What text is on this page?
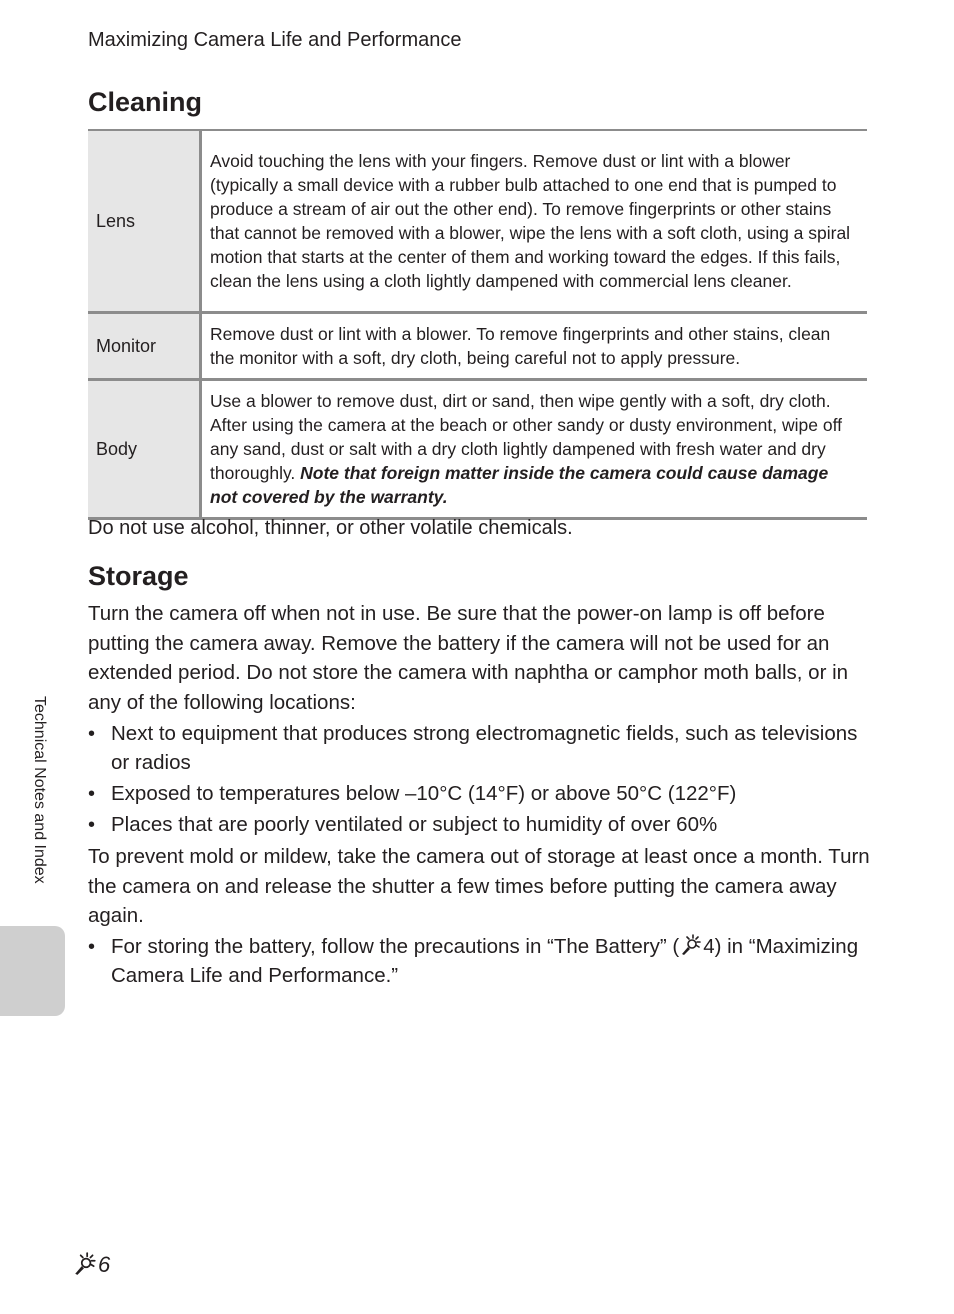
Maximizing Camera Life and Performance
Cleaning
Lens	Avoid touching the lens with your fingers. Remove dust or lint with a blower (typically a small device with a rubber bulb attached to one end that is pumped to produce a stream of air out the other end). To remove fingerprints or other stains that cannot be removed with a blower, wipe the lens with a soft cloth, using a spiral motion that starts at the center of them and working toward the edges. If this fails, clean the lens using a cloth lightly dampened with commercial lens cleaner.
Monitor	Remove dust or lint with a blower. To remove fingerprints and other stains, clean the monitor with a soft, dry cloth, being careful not to apply pressure.
Body	Use a blower to remove dust, dirt or sand, then wipe gently with a soft, dry cloth. After using the camera at the beach or other sandy or dusty environment, wipe off any sand, dust or salt with a dry cloth lightly dampened with fresh water and dry thoroughly. Note that foreign matter inside the camera could cause damage not covered by the warranty.
Do not use alcohol, thinner, or other volatile chemicals.
Storage

Turn the camera off when not in use. Be sure that the power-on lamp is off before putting the camera away. Remove the battery if the camera will not be used for an extended period. Do not store the camera with naphtha or camphor moth balls, or in any of the following locations:

• Next to equipment that produces strong electromagnetic fields, such as televisions or radios
• Exposed to temperatures below –10°C (14°F) or above 50°C (122°F)
• Places that are poorly ventilated or subject to humidity of over 60%

To prevent mold or mildew, take the camera out of storage at least once a month. Turn the camera on and release the shutter a few times before putting the camera away again.

• For storing the battery, follow the precautions in “The Battery” ( 4) in “Maximizing Camera Life and Performance.”
Technical Notes and Index
6
